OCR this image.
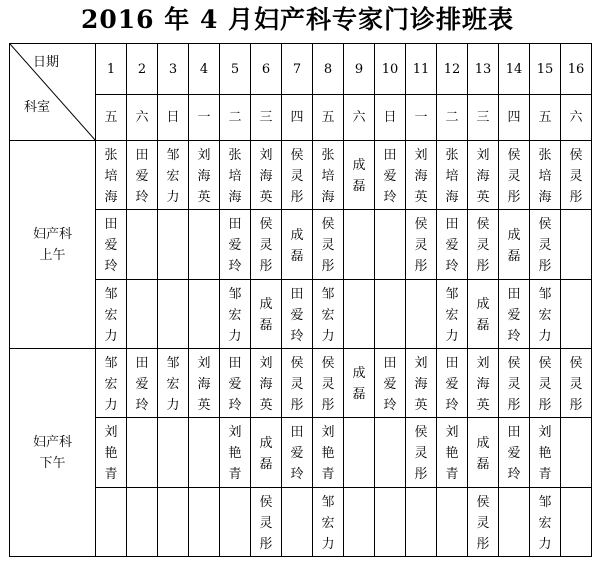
2016 年 4 月妇产科专家门诊排班表
日期
科室	1	2	3	4	5	6	7	8	9	10	11	12	13	14	15	16
	五	六	日	一	二	三	四	五	六	日	一	二	三	四	五	六

妇产科
上午	张培海	田爱玲	邹宏力	刘海英	张培海	刘海英	侯灵彤	张培海	成磊	田爱玲	刘海英	张培海	刘海英	侯灵彤	张培海	侯灵彤

	田爱玲				田爱玲	侯灵彤	成磊	侯灵彤			侯灵彤	田爱玲	侯灵彤	成磊	侯灵彤	

	邹宏力				邹宏力	成磊	田爱玲	邹宏力				邹宏力	成磊	田爱玲	邹宏力	

妇产科
下午	邹宏力	田爱玲	邹宏力	刘海英	田爱玲	刘海英	侯灵彤	侯灵彤	成磊	田爱玲	刘海英	田爱玲	刘海英	侯灵彤	侯灵彤	侯灵彤

	刘艳青				刘艳青	成磊	田爱玲	刘艳青			侯灵彤	刘艳青	成磊	田爱玲	刘艳青	

						侯灵彤		邹宏力					侯灵彤		邹宏力	
